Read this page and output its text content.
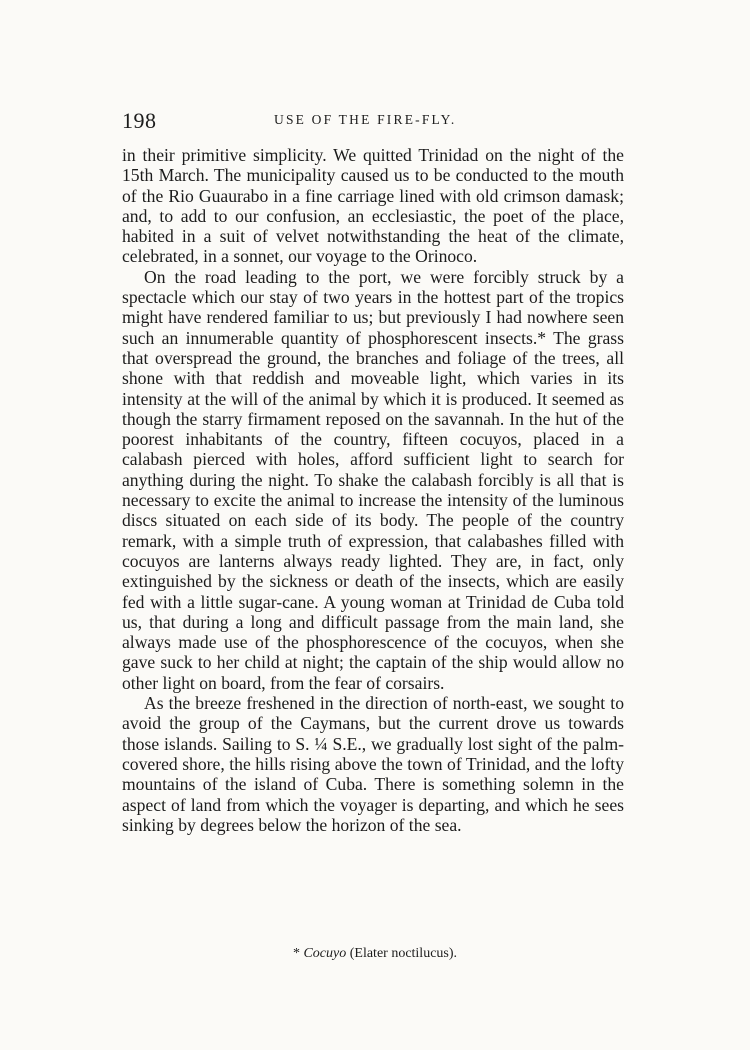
198	USE OF THE FIRE-FLY.

in their primitive simplicity. We quitted Trinidad on the night of the 15th March. The municipality caused us to be conducted to the mouth of the Rio Guaurabo in a fine carriage lined with old crimson damask; and, to add to our confusion, an ecclesiastic, the poet of the place, habited in a suit of velvet notwithstanding the heat of the climate, celebrated, in a sonnet, our voyage to the Orinoco.

On the road leading to the port, we were forcibly struck by a spectacle which our stay of two years in the hottest part of the tropics might have rendered familiar to us; but previously I had nowhere seen such an innumerable quantity of phosphorescent insects.* The grass that overspread the ground, the branches and foliage of the trees, all shone with that reddish and moveable light, which varies in its intensity at the will of the animal by which it is produced. It seemed as though the starry firmament reposed on the savannah. In the hut of the poorest inhabitants of the country, fifteen cocuyos, placed in a calabash pierced with holes, afford sufficient light to search for anything during the night. To shake the calabash forcibly is all that is necessary to excite the animal to increase the intensity of the luminous discs situated on each side of its body. The people of the country remark, with a simple truth of expression, that calabashes filled with cocuyos are lanterns always ready lighted. They are, in fact, only extinguished by the sickness or death of the insects, which are easily fed with a little sugar-cane. A young woman at Trinidad de Cuba told us, that during a long and difficult passage from the main land, she always made use of the phosphorescence of the cocuyos, when she gave suck to her child at night; the captain of the ship would allow no other light on board, from the fear of corsairs.

As the breeze freshened in the direction of north-east, we sought to avoid the group of the Caymans, but the current drove us towards those islands. Sailing to S. ¼ S.E., we gradually lost sight of the palm-covered shore, the hills rising above the town of Trinidad, and the lofty mountains of the island of Cuba. There is something solemn in the aspect of land from which the voyager is departing, and which he sees sinking by degrees below the horizon of the sea.

* Cocuyo (Elater noctilucus).
